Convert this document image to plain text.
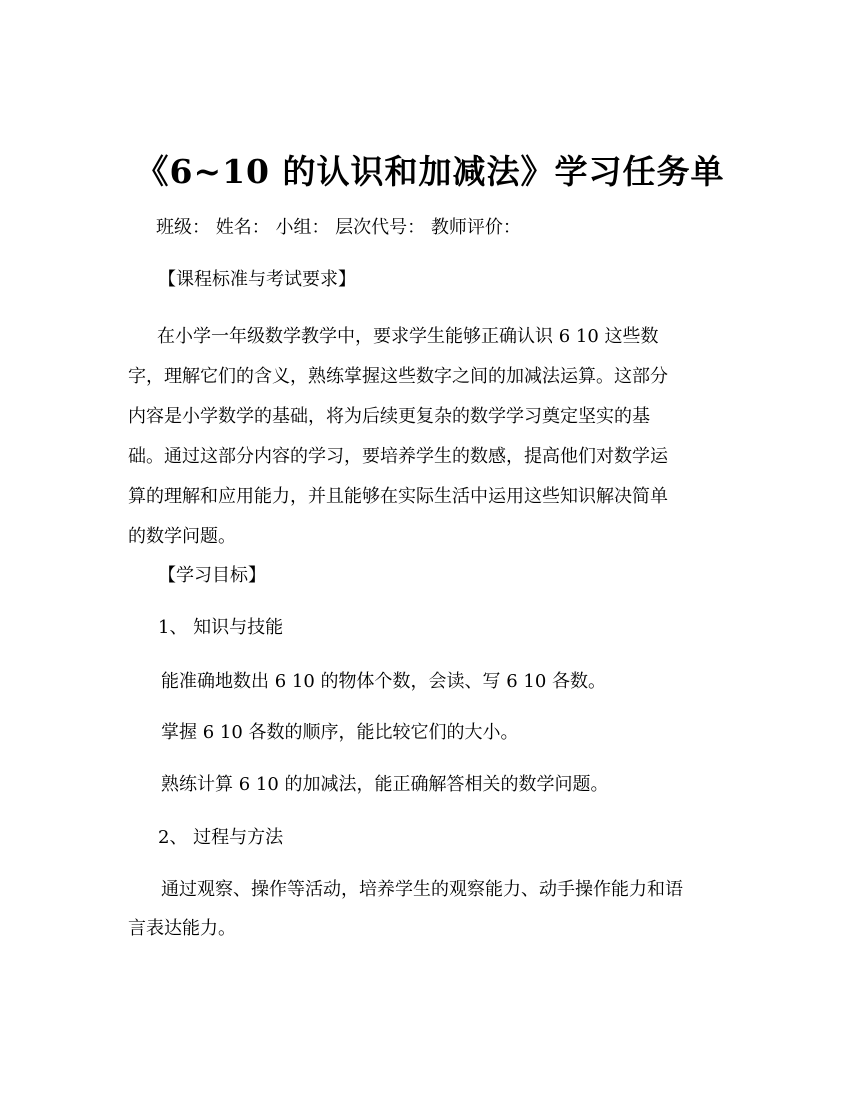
《6~10 的认识和加减法》学习任务单
班级： 姓名： 小组： 层次代号： 教师评价：
【课程标准与考试要求】
在小学一年级数学教学中，要求学生能够正确认识 6 10 这些数
字，理解它们的含义，熟练掌握这些数字之间的加减法运算。这部分
内容是小学数学的基础，将为后续更复杂的数学学习奠定坚实的基
础。通过这部分内容的学习，要培养学生的数感，提高他们对数学运
算的理解和应用能力，并且能够在实际生活中运用这些知识解决简单
的数学问题。
【学习目标】
1、 知识与技能
能准确地数出 6 10 的物体个数，会读、写 6 10 各数。
掌握 6 10 各数的顺序，能比较它们的大小。
熟练计算 6 10 的加减法，能正确解答相关的数学问题。
2、 过程与方法
通过观察、操作等活动，培养学生的观察能力、动手操作能力和语
言表达能力。
